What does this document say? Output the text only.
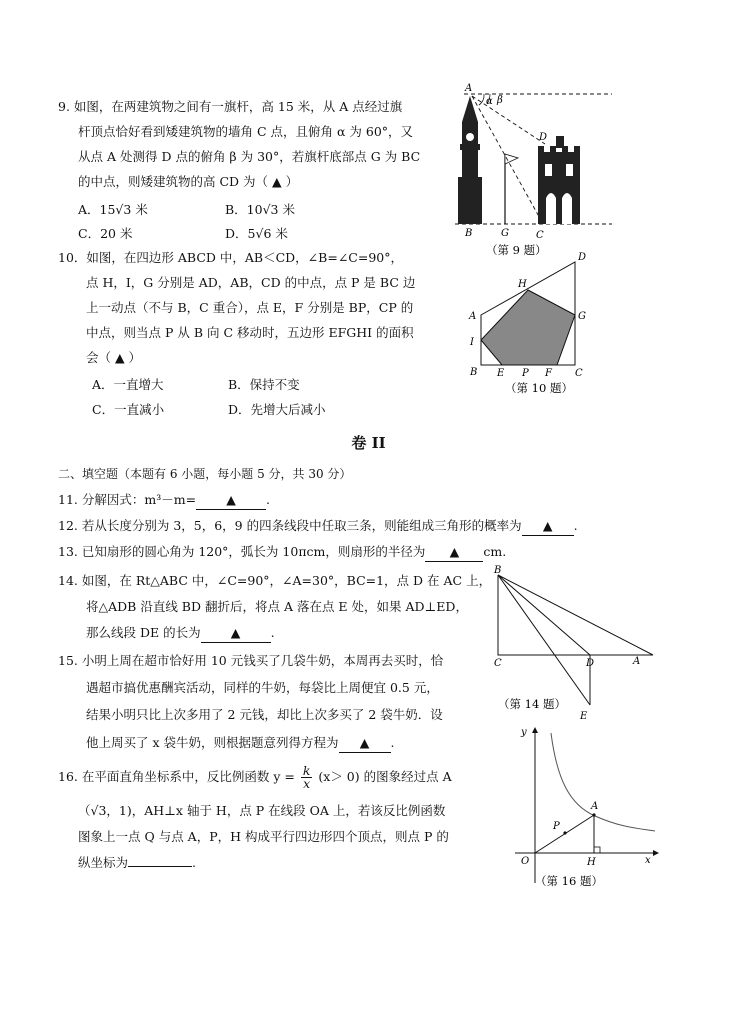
9. 如图，在两建筑物之间有一旗杆，高 15 米，从 A 点经过旗
杆顶点恰好看到矮建筑物的墙角 C 点，且俯角 α 为 60°，又
从点 A 处测得 D 点的俯角 β 为 30°，若旗杆底部点 G 为 BC
的中点，则矮建筑物的高 CD 为（ ▲ ）
A．15√3 米	B．10√3 米
C．20 米	D．5√6 米
A
α β
D
B	G	C
（第 9 题）
10．如图，在四边形 ABCD 中，AB＜CD，∠B=∠C=90°，
点 H，I，G 分别是 AD，AB，CD 的中点，点 P 是 BC 边
上一动点（不与 B，C 重合），点 E，F 分别是 BP，CP 的
中点，则当点 P 从 B 向 C 移动时，五边形 EFGHI 的面积
会（ ▲ ）
A．一直增大	B．保持不变
C．一直减小	D．先增大后减小
D
H
A	G
I
B E P F C
（第 10 题）
卷 II
二、填空题（本题有 6 小题，每小题 5 分，共 30 分）
11. 分解因式：m³－m= ▲ .
12. 若从长度分别为 3，5，6，9 的四条线段中任取三条，则能组成三角形的概率为 ▲ .
13. 已知扇形的圆心角为 120°，弧长为 10πcm，则扇形的半径为 ▲ cm.
14. 如图，在 Rt△ABC 中，∠C=90°，∠A=30°，BC=1，点 D 在 AC 上，
将△ADB 沿直线 BD 翻折后，将点 A 落在点 E 处，如果 AD⊥ED，
那么线段 DE 的长为 ▲ .
B
C	D	A
E
（第 14 题）
15. 小明上周在超市恰好用 10 元钱买了几袋牛奶，本周再去买时，恰
遇超市搞优惠酬宾活动，同样的牛奶，每袋比上周便宜 0.5 元，
结果小明只比上次多用了 2 元钱，却比上次多买了 2 袋牛奶．设
他上周买了 x 袋牛奶，则根据题意列得方程为 ▲ .
16. 在平面直角坐标系中，反比例函数 $y = \frac{k}{x} (x> 0)$ 的图象经过点 A
（√3，1)，AH⊥x 轴于 H，点 P 在线段 OA 上，若该反比例函数
图象上一点 Q 与点 A，P，H 构成平行四边形四个顶点，则点 P 的
纵坐标为	.
y
A
P
O	H	x
（第 16 题）
